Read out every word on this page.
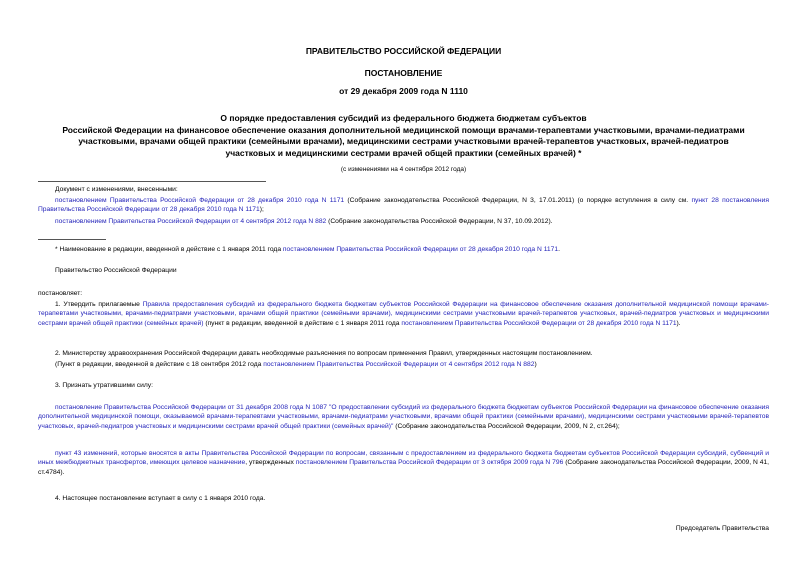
ПРАВИТЕЛЬСТВО РОССИЙСКОЙ ФЕДЕРАЦИИ
ПОСТАНОВЛЕНИЕ
от 29 декабря 2009 года N 1110
О порядке предоставления субсидий из федерального бюджета бюджетам субъектов
Российской Федерации на финансовое обеспечение оказания дополнительной медицинской помощи врачами-терапевтами участковыми, врачами-педиатрами
участковыми, врачами общей практики (семейными врачами), медицинскими сестрами участковыми врачей-терапевтов участковых, врачей-педиатров
участковых и медицинскими сестрами врачей общей практики (семейных врачей) *
(с изменениями на 4 сентября 2012 года)

Документ с изменениями, внесенными:

постановлением Правительства Российской Федерации от 28 декабря 2010 года N 1171 (Собрание законодательства Российской Федерации, N 3, 17.01.2011) (о порядке вступления в силу см. пункт 28 постановления Правительства Российской Федерации от 28 декабря 2010 года N 1171);

постановлением Правительства Российской Федерации от 4 сентября 2012 года N 882 (Собрание законодательства Российской Федерации, N 37, 10.09.2012).

* Наименование в редакции, введенной в действие с 1 января 2011 года постановлением Правительства Российской Федерации от 28 декабря 2010 года N 1171.

Правительство Российской Федерации

постановляет:

1. Утвердить прилагаемые Правила предоставления субсидий из федерального бюджета бюджетам субъектов Российской Федерации на финансовое обеспечение оказания дополнительной медицинской помощи врачами-терапевтами участковыми, врачами-педиатрами участковыми, врачами общей практики (семейными врачами), медицинскими сестрами участковыми врачей-терапевтов участковых, врачей-педиатров участковых и медицинскими сестрами врачей общей практики (семейных врачей) (пункт в редакции, введенной в действие с 1 января 2011 года постановлением Правительства Российской Федерации от 28 декабря 2010 года N 1171).

2. Министерству здравоохранения Российской Федерации давать необходимые разъяснения по вопросам применения Правил, утвержденных настоящим постановлением.

(Пункт в редакции, введенной в действие с 18 сентября 2012 года постановлением Правительства Российской Федерации от 4 сентября 2012 года N 882)

3. Признать утратившими силу:

постановление Правительства Российской Федерации от 31 декабря 2008 года N 1087 "О предоставлении субсидий из федерального бюджета бюджетам субъектов Российской Федерации на финансовое обеспечение оказания дополнительной медицинской помощи, оказываемой врачами-терапевтами участковыми, врачами-педиатрами участковыми, врачами общей практики (семейными врачами), медицинскими сестрами участковыми врачей-терапевтов участковых, врачей-педиатров участковых и медицинскими сестрами врачей общей практики (семейных врачей)" (Собрание законодательства Российской Федерации, 2009, N 2, ст.264);

пункт 43 изменений, которые вносятся в акты Правительства Российской Федерации по вопросам, связанным с предоставлением из федерального бюджета бюджетам субъектов Российской Федерации субсидий, субвенций и иных межбюджетных трансфертов, имеющих целевое назначение, утвержденных постановлением Правительства Российской Федерации от 3 октября 2009 года N 796 (Собрание законодательства Российской Федерации, 2009, N 41, ст.4784).

4. Настоящее постановление вступает в силу с 1 января 2010 года.

Председатель Правительства
